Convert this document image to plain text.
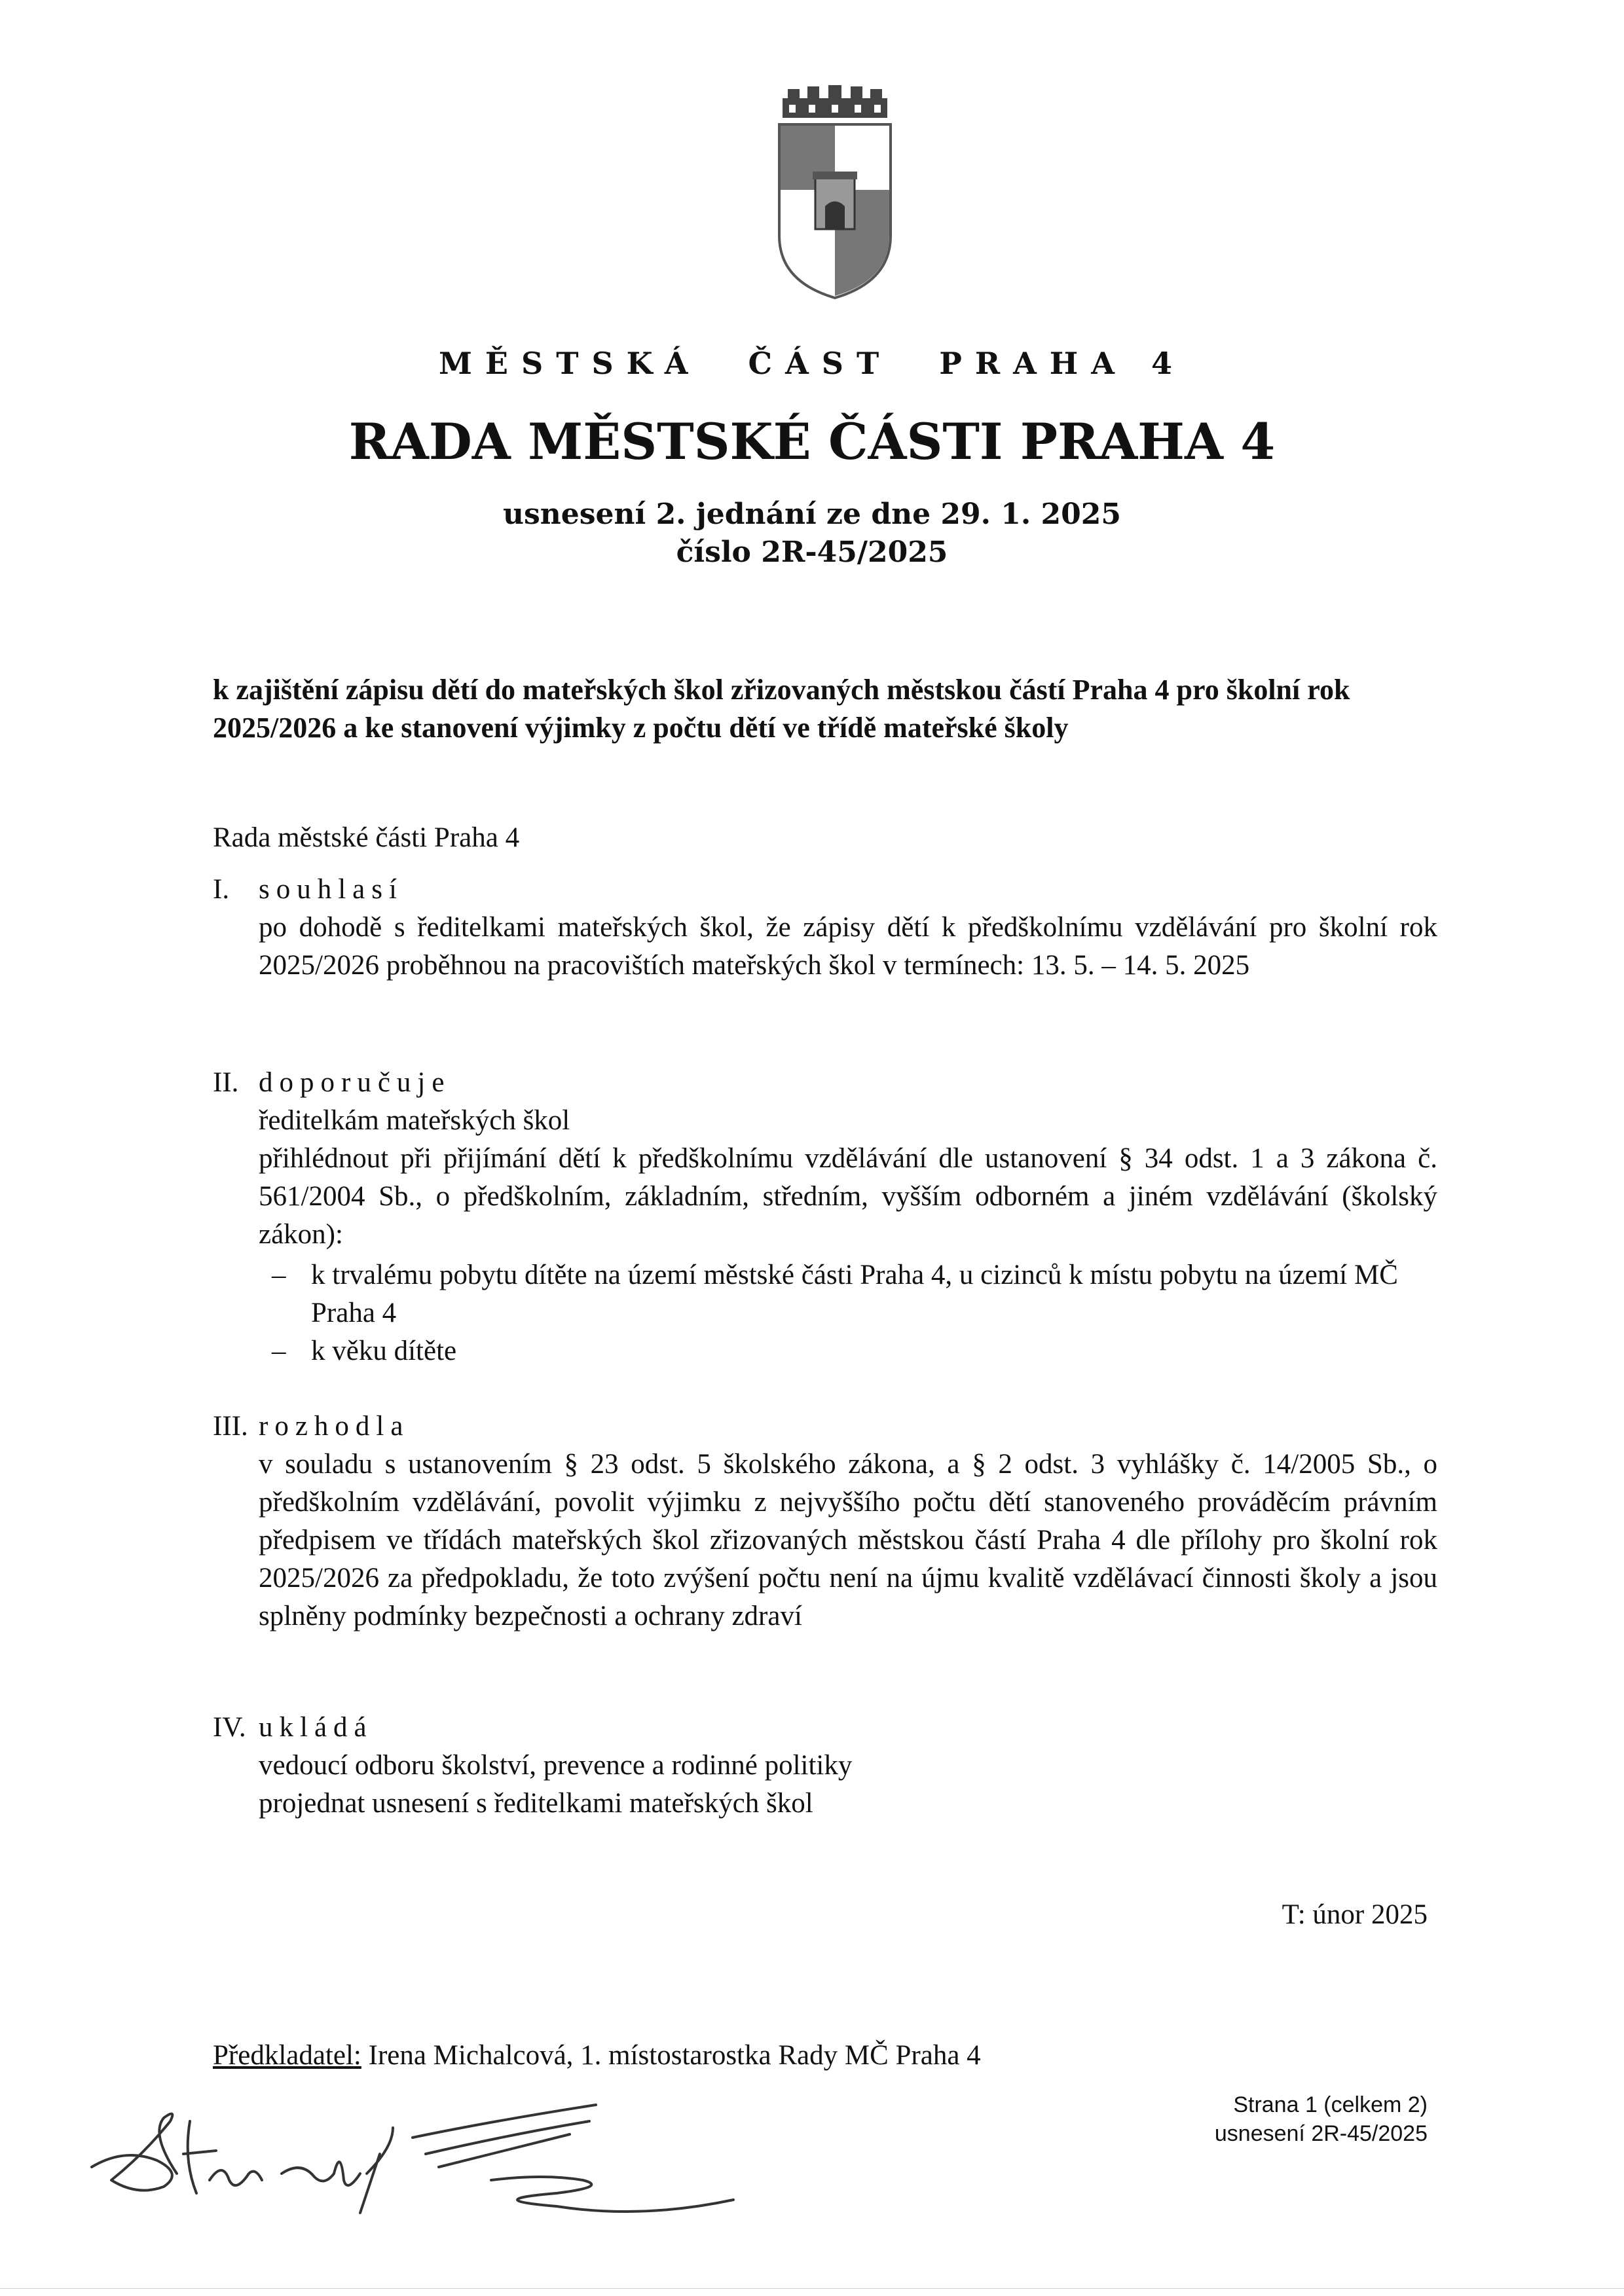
MĚSTSKÁ  ČÁST  PRAHA 4
RADA MĚSTSKÉ ČÁSTI PRAHA 4
usnesení 2. jednání ze dne 29. 1. 2025
číslo 2R-45/2025
k zajištění zápisu dětí do mateřských škol zřizovaných městskou částí Praha 4 pro školní rok 2025/2026 a ke stanovení výjimky z počtu dětí ve třídě mateřské školy
Rada městské části Praha 4
I. souhlasí
po dohodě s ředitelkami mateřských škol, že zápisy dětí k předškolnímu vzdělávání pro školní rok 2025/2026 proběhnou na pracovištích mateřských škol v termínech: 13. 5. – 14. 5. 2025
II. doporučuje
ředitelkám mateřských škol
přihlédnout při přijímání dětí k předškolnímu vzdělávání dle ustanovení § 34 odst. 1 a 3 zákona č. 561/2004 Sb., o předškolním, základním, středním, vyšším odborném a jiném vzdělávání (školský zákon):
– k trvalému pobytu dítěte na území městské části Praha 4, u cizinců k místu pobytu na území MČ Praha 4
– k věku dítěte
III. rozhodla
v souladu s ustanovením § 23 odst. 5 školského zákona, a § 2 odst. 3 vyhlášky č. 14/2005 Sb., o předškolním vzdělávání, povolit výjimku z nejvyššího počtu dětí stanoveného prováděcím právním předpisem ve třídách mateřských škol zřizovaných městskou částí Praha 4 dle přílohy pro školní rok 2025/2026 za předpokladu, že toto zvýšení počtu není na újmu kvalitě vzdělávací činnosti školy a jsou splněny podmínky bezpečnosti a ochrany zdraví
IV. ukládá
vedoucí odboru školství, prevence a rodinné politiky
projednat usnesení s ředitelkami mateřských škol
T: únor 2025
Předkladatel: Irena Michalcová, 1. místostarostka Rady MČ Praha 4
Strana 1 (celkem 2)
usnesení 2R-45/2025
